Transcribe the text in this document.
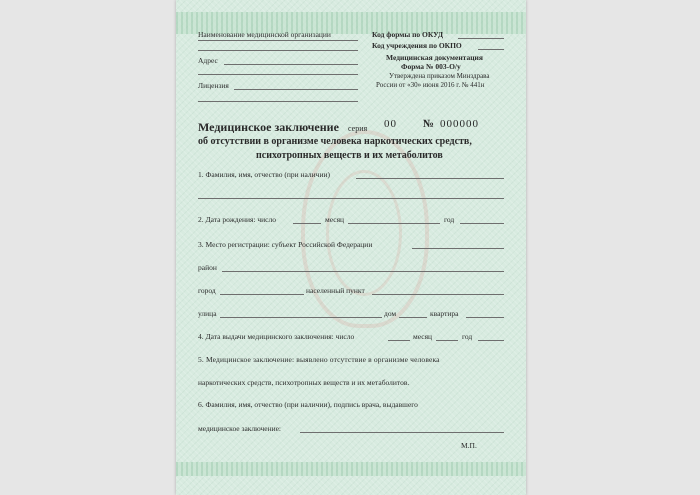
Наименование медицинской организации
Адрес
Лицензия
Код формы по ОКУД
Код учреждения по ОКПО
Медицинская документация
Форма № 003-О/у
Утверждена приказом Минздрава
России от «30» июня 2016 г. № 441н
Медицинское заключение серия 00 № 000000
об отсутствии в организме человека наркотических средств,
психотропных веществ и их метаболитов
1. Фамилия, имя, отчество (при наличии)
2. Дата рождения: число	месяц	год
3. Место регистрации: субъект Российской Федерации
район
город	населенный пункт
улица	дом	квартира
4. Дата выдачи медицинского заключения: число	месяц	год
5. Медицинское заключение: выявлено отсутствие в организме человека
наркотических средств, психотропных веществ и их метаболитов.
6. Фамилия, имя, отчество (при наличии), подпись врача, выдавшего
медицинское заключение:
М.П.
